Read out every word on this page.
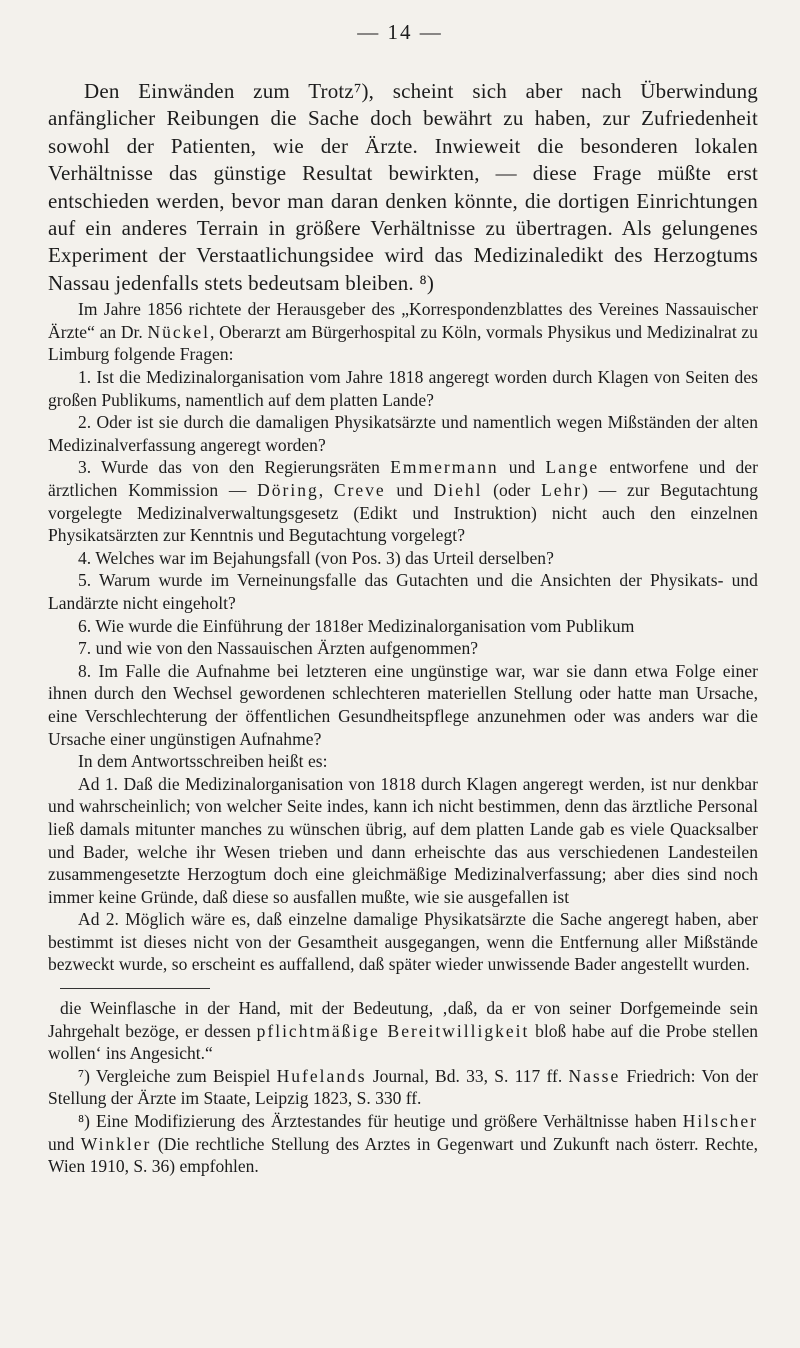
— 14 —

Den Einwänden zum Trotz⁷), scheint sich aber nach Überwindung anfänglicher Reibungen die Sache doch bewährt zu haben, zur Zufriedenheit sowohl der Patienten, wie der Ärzte. Inwieweit die besonderen lokalen Verhältnisse das günstige Resultat bewirkten, — diese Frage müßte erst entschieden werden, bevor man daran denken könnte, die dortigen Einrichtungen auf ein anderes Terrain in größere Verhältnisse zu übertragen. Als gelungenes Experiment der Verstaatlichungsidee wird das Medizinaledikt des Herzogtums Nassau jedenfalls stets bedeutsam bleiben. ⁸)

Im Jahre 1856 richtete der Herausgeber des „Korrespondenzblattes des Vereines Nassauischer Ärzte“ an Dr. Nückel, Oberarzt am Bürgerhospital zu Köln, vormals Physikus und Medizinalrat zu Limburg folgende Fragen:

1. Ist die Medizinalorganisation vom Jahre 1818 angeregt worden durch Klagen von Seiten des großen Publikums, namentlich auf dem platten Lande?

2. Oder ist sie durch die damaligen Physikatsärzte und namentlich wegen Mißständen der alten Medizinalverfassung angeregt worden?

3. Wurde das von den Regierungsräten Emmermann und Lange entworfene und der ärztlichen Kommission — Döring, Creve und Diehl (oder Lehr) — zur Begutachtung vorgelegte Medizinalverwaltungsgesetz (Edikt und Instruktion) nicht auch den einzelnen Physikatsärzten zur Kenntnis und Begutachtung vorgelegt?

4. Welches war im Bejahungsfall (von Pos. 3) das Urteil derselben?

5. Warum wurde im Verneinungsfalle das Gutachten und die Ansichten der Physikats- und Landärzte nicht eingeholt?

6. Wie wurde die Einführung der 1818er Medizinalorganisation vom Publikum

7. und wie von den Nassauischen Ärzten aufgenommen?

8. Im Falle die Aufnahme bei letzteren eine ungünstige war, war sie dann etwa Folge einer ihnen durch den Wechsel gewordenen schlechteren materiellen Stellung oder hatte man Ursache, eine Verschlechterung der öffentlichen Gesundheitspflege anzunehmen oder was anders war die Ursache einer ungünstigen Aufnahme?

In dem Antwortsschreiben heißt es:

Ad 1. Daß die Medizinalorganisation von 1818 durch Klagen angeregt werden, ist nur denkbar und wahrscheinlich; von welcher Seite indes, kann ich nicht bestimmen, denn das ärztliche Personal ließ damals mitunter manches zu wünschen übrig, auf dem platten Lande gab es viele Quacksalber und Bader, welche ihr Wesen trieben und dann erheischte das aus verschiedenen Landesteilen zusammengesetzte Herzogtum doch eine gleichmäßige Medizinalverfassung; aber dies sind noch immer keine Gründe, daß diese so ausfallen mußte, wie sie ausgefallen ist

Ad 2. Möglich wäre es, daß einzelne damalige Physikatsärzte die Sache angeregt haben, aber bestimmt ist dieses nicht von der Gesamtheit ausgegangen, wenn die Entfernung aller Mißstände bezweckt wurde, so erscheint es auffallend, daß später wieder unwissende Bader angestellt wurden.

die Weinflasche in der Hand, mit der Bedeutung, ‚daß, da er von seiner Dorfgemeinde sein Jahrgehalt bezöge, er dessen pflichtmäßige Bereitwilligkeit bloß habe auf die Probe stellen wollen‘ ins Angesicht.“

⁷) Vergleiche zum Beispiel Hufelands Journal, Bd. 33, S. 117 ff. Nasse Friedrich: Von der Stellung der Ärzte im Staate, Leipzig 1823, S. 330 ff.

⁸) Eine Modifizierung des Ärztestandes für heutige und größere Verhältnisse haben Hilscher und Winkler (Die rechtliche Stellung des Arztes in Gegenwart und Zukunft nach österr. Rechte, Wien 1910, S. 36) empfohlen.
